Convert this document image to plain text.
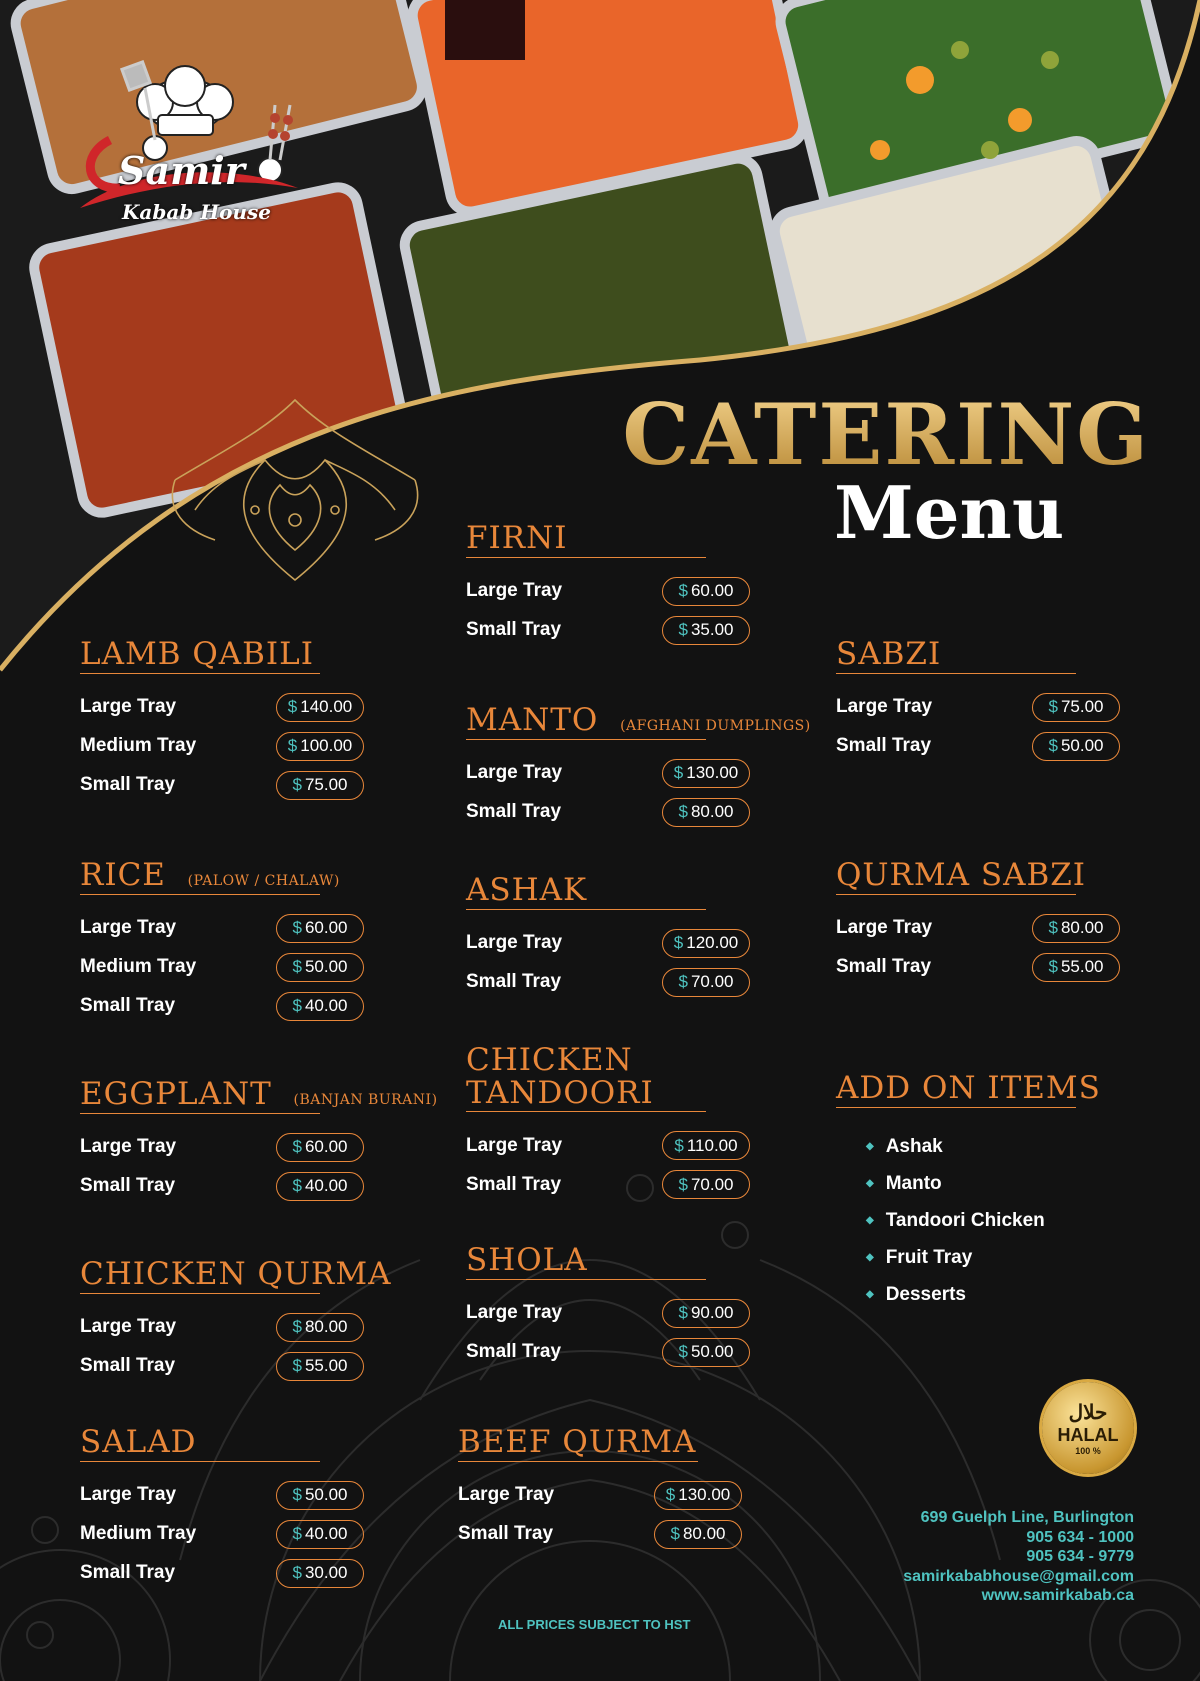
Samir
Kabab House
CATERING
Menu
LAMB QABILI
Large Tray	$ 140.00
Medium Tray	$ 100.00
Small Tray	$ 75.00
RICE (PALOW / CHALAW)
Large Tray	$ 60.00
Medium Tray	$ 50.00
Small Tray	$ 40.00
EGGPLANT (BANJAN BURANI)
Large Tray	$ 60.00
Small Tray	$ 40.00
CHICKEN QURMA
Large Tray	$ 80.00
Small Tray	$ 55.00
SALAD
Large Tray	$ 50.00
Medium Tray	$ 40.00
Small Tray	$ 30.00
FIRNI
Large Tray	$ 60.00
Small Tray	$ 35.00
MANTO (AFGHANI DUMPLINGS)
Large Tray	$ 130.00
Small Tray	$ 80.00
ASHAK
Large Tray	$ 120.00
Small Tray	$ 70.00
CHICKEN
TANDOORI
Large Tray	$ 110.00
Small Tray	$ 70.00
SHOLA
Large Tray	$ 90.00
Small Tray	$ 50.00
BEEF QURMA
Large Tray	$ 130.00
Small Tray	$ 80.00
SABZI
Large Tray	$ 75.00
Small Tray	$ 50.00
QURMA SABZI
Large Tray	$ 80.00
Small Tray	$ 55.00
ADD ON ITEMS
◆ Ashak
◆ Manto
◆ Tandoori Chicken
◆ Fruit Tray
◆ Desserts
حلال
HALAL
100 %
699 Guelph Line, Burlington
905 634 - 1000
905 634 - 9779
samirkababhouse@gmail.com
www.samirkabab.ca
ALL PRICES SUBJECT TO HST
